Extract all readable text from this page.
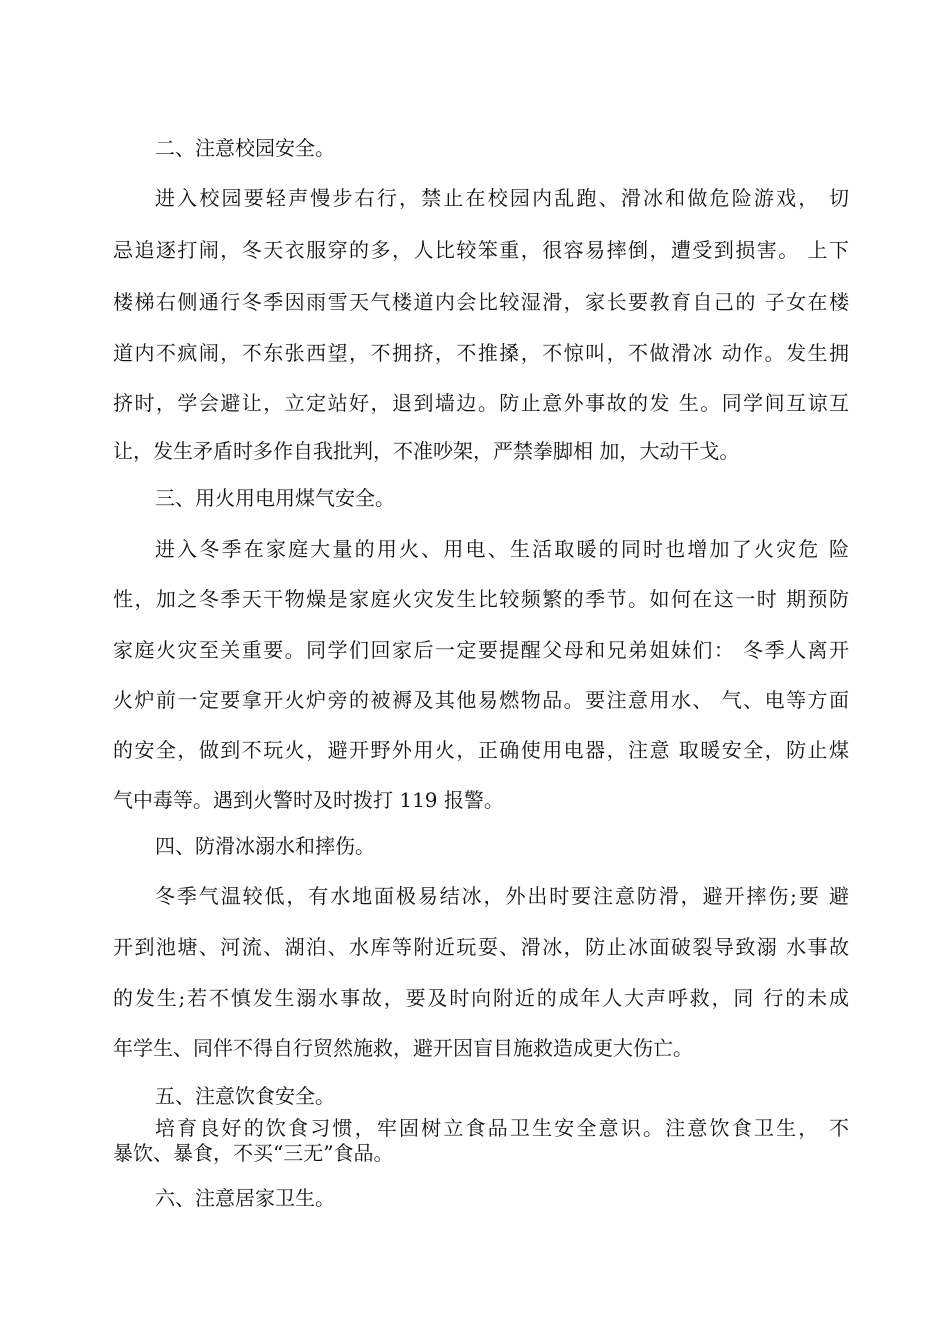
二、注意校园安全。
进入校园要轻声慢步右行，禁止在校园内乱跑、滑冰和做危险游戏， 切
忌追逐打闹，冬天衣服穿的多，人比较笨重，很容易摔倒，遭受到损害。 上下
楼梯右侧通行冬季因雨雪天气楼道内会比较湿滑，家长要教育自己的 子女在楼
道内不疯闹，不东张西望，不拥挤，不推搡，不惊叫，不做滑冰 动作。发生拥
挤时，学会避让，立定站好，退到墙边。防止意外事故的发 生。同学间互谅互
让，发生矛盾时多作自我批判，不准吵架，严禁拳脚相 加，大动干戈。
三、用火用电用煤气安全。
进入冬季在家庭大量的用火、用电、生活取暖的同时也增加了火灾危 险
性，加之冬季天干物燥是家庭火灾发生比较频繁的季节。如何在这一时 期预防
家庭火灾至关重要。同学们回家后一定要提醒父母和兄弟姐妹们： 冬季人离开
火炉前一定要拿开火炉旁的被褥及其他易燃物品。要注意用水、 气、电等方面
的安全，做到不玩火，避开野外用火，正确使用电器，注意 取暖安全，防止煤
气中毒等。遇到火警时及时拨打 119 报警。
四、防滑冰溺水和摔伤。
冬季气温较低，有水地面极易结冰，外出时要注意防滑，避开摔伤;要 避
开到池塘、河流、湖泊、水库等附近玩耍、滑冰，防止冰面破裂导致溺 水事故
的发生;若不慎发生溺水事故，要及时向附近的成年人大声呼救，同 行的未成
年学生、同伴不得自行贸然施救，避开因盲目施救造成更大伤亡。
五、注意饮食安全。
培育良好的饮食习惯，牢固树立食品卫生安全意识。注意饮食卫生， 不
暴饮、暴食，不买“三无”食品。
六、注意居家卫生。
